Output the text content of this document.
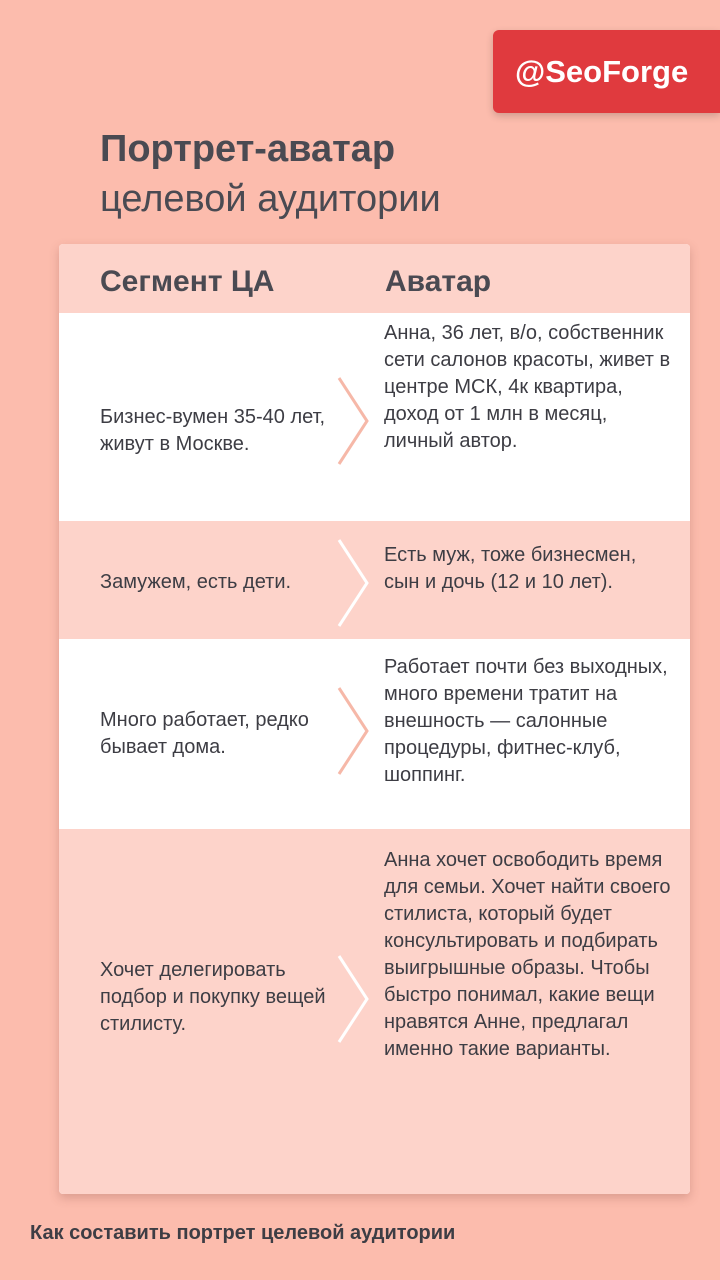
@SeoForge
Портрет-аватар
целевой аудитории
Сегмент ЦА	Аватар
Бизнес-вумен 35-40 лет, живут в Москве.
Анна, 36 лет, в/о, собственник сети салонов красоты, живет в центре МСК, 4к квартира, доход от 1 млн в месяц, личный автор.
Замужем, есть дети.
Есть муж, тоже бизнесмен, сын и дочь (12 и 10 лет).
Много работает, редко бывает дома.
Работает почти без выходных, много времени тратит на внешность — салонные процедуры, фитнес-клуб, шоппинг.
Хочет делегировать подбор и покупку вещей стилисту.
Анна хочет освободить время для семьи. Хочет найти своего стилиста, который будет консультировать и подбирать выигрышные образы. Чтобы быстро понимал, какие вещи нравятся Анне, предлагал именно такие варианты.
Как составить портрет целевой аудитории
